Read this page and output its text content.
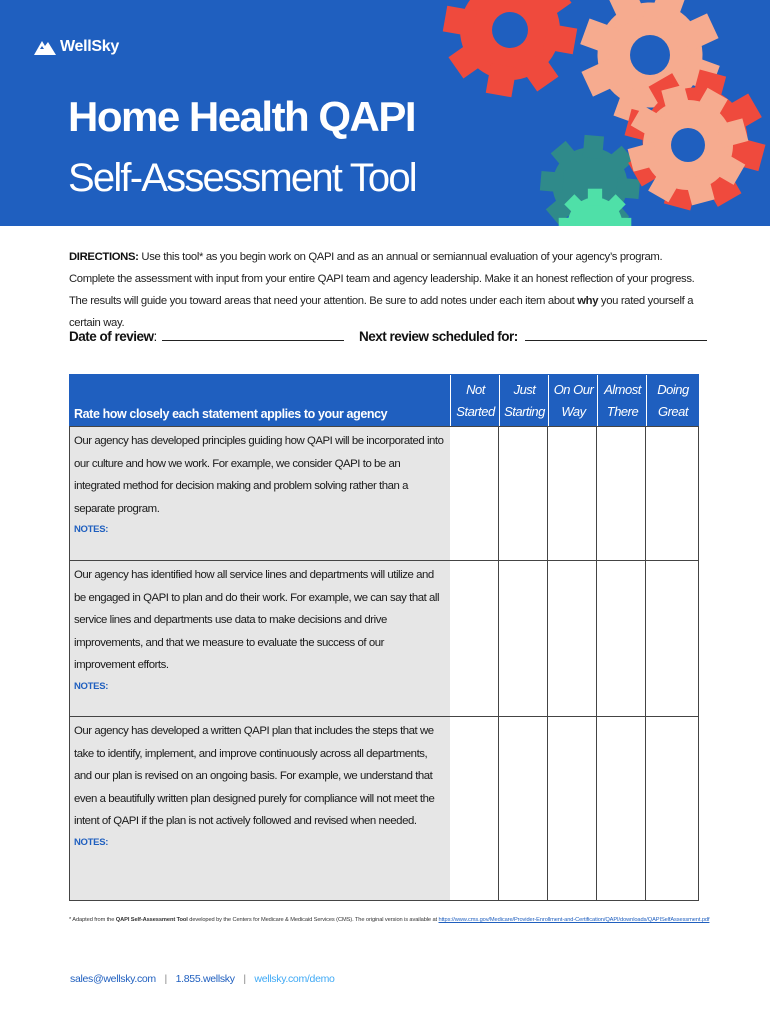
WellSky
Home Health QAPI
Self-Assessment Tool
DIRECTIONS: Use this tool* as you begin work on QAPI and as an annual or semiannual evaluation of your agency’s program. Complete the assessment with input from your entire QAPI team and agency leadership. Make it an honest reflection of your progress. The results will guide you toward areas that need your attention. Be sure to add notes under each item about why you rated yourself a certain way.
Date of review:	Next review scheduled for:
Rate how closely each statement applies to your agency
Not
Started
Just
Starting
On Our
Way
Almost
There
Doing
Great
Our agency has developed principles guiding how QAPI will be incorporated into our culture and how we work. For example, we consider QAPI to be an integrated method for decision making and problem solving rather than a separate program.
NOTES:
Our agency has identified how all service lines and departments will utilize and be engaged in QAPI to plan and do their work. For example, we can say that all service lines and departments use data to make decisions and drive improvements, and that we measure to evaluate the success of our improvement efforts.
NOTES:
Our agency has developed a written QAPI plan that includes the steps that we take to identify, implement, and improve continuously across all departments, and our plan is revised on an ongoing basis. For example, we understand that even a beautifully written plan designed purely for compliance will not meet the intent of QAPI if the plan is not actively followed and revised when needed.
NOTES:
* Adapted from the QAPI Self-Assessment Tool developed by the Centers for Medicare & Medicaid Services (CMS). The original version is available at https://www.cms.gov/Medicare/Provider-Enrollment-and-Certification/QAPI/downloads/QAPISelfAssessment.pdf
sales@wellsky.com | 1.855.wellsky | wellsky.com/demo
